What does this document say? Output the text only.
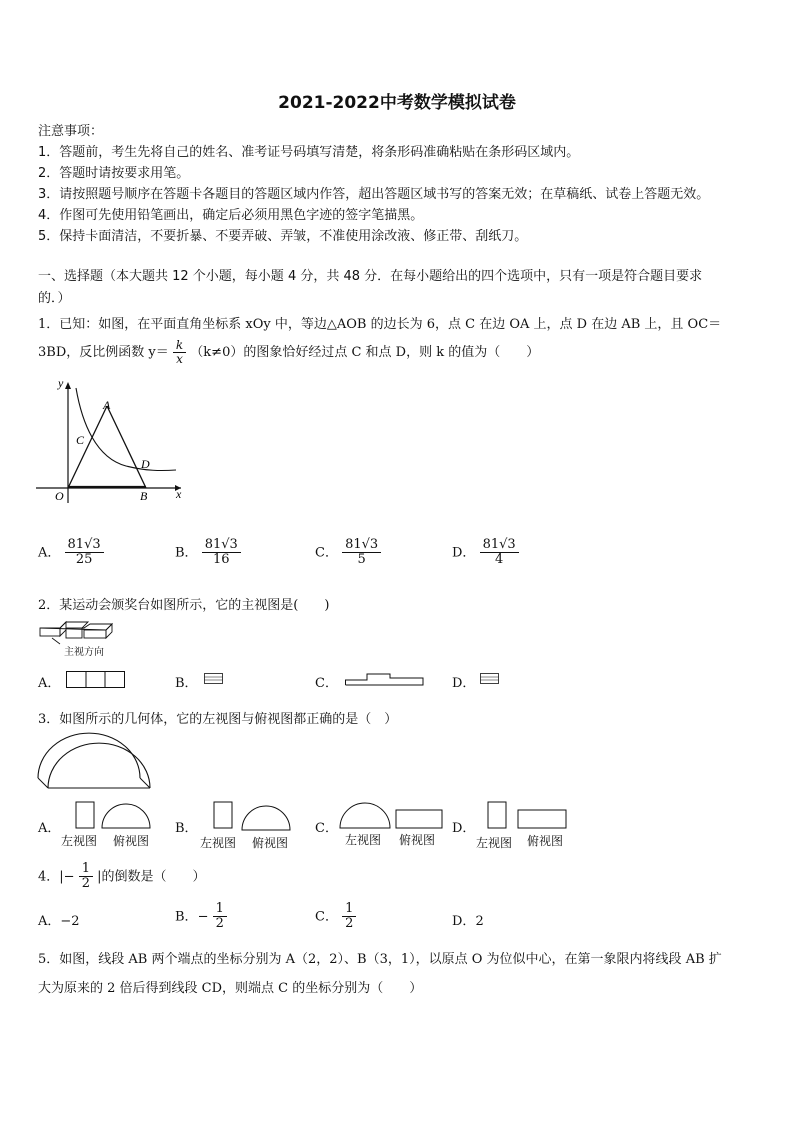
2021-2022中考数学模拟试卷
注意事项：
1．答题前，考生先将自己的姓名、准考证号码填写清楚，将条形码准确粘贴在条形码区域内。
2．答题时请按要求用笔。
3．请按照题号顺序在答题卡各题目的答题区域内作答，超出答题区域书写的答案无效；在草稿纸、试卷上答题无效。
4．作图可先使用铅笔画出，确定后必须用黑色字迹的签字笔描黑。
5．保持卡面清洁，不要折暴、不要弄破、弄皱，不准使用涂改液、修正带、刮纸刀。
一、选择题（本大题共 12 个小题，每小题 4 分，共 48 分．在每小题给出的四个选项中，只有一项是符合题目要求
的．）
1．已知：如图，在平面直角坐标系 xOy 中，等边△AOB 的边长为 6，点 C 在边 OA 上，点 D 在边 AB 上，且 OC＝
3BD，反比例函数 $y= \frac{k}{x} (k\ne 0)$的图象恰好经过点 C 和点 D，则 k 的值为（　　）
y
x
O
A
B
C
D
A． $\frac{81√3}{25}$	B． $\frac{81√3}{16}$	C． $\frac{81√3}{5}$	D． $\frac{81√3}{4}$
2．某运动会颁奖台如图所示，它的主视图是(　　)
主视方向
A．	B．	C．	D．
3．如图所示的几何体，它的左视图与俯视图都正确的是（　）
A．
左视图 俯视图
B．
左视图 俯视图
C．
左视图 俯视图
D．
左视图 俯视图
4．|− $\frac{1}{2}$ |的倒数是（　　）
A．−2	B．− $\frac{1}{2}$	C． $\frac{1}{2}$	D．2
5．如图，线段 AB 两个端点的坐标分别为 A（2，2）、B（3，1），以原点 O 为位似中心，在第一象限内将线段 AB 扩
大为原来的 2 倍后得到线段 CD，则端点 C 的坐标分别为（　　）
